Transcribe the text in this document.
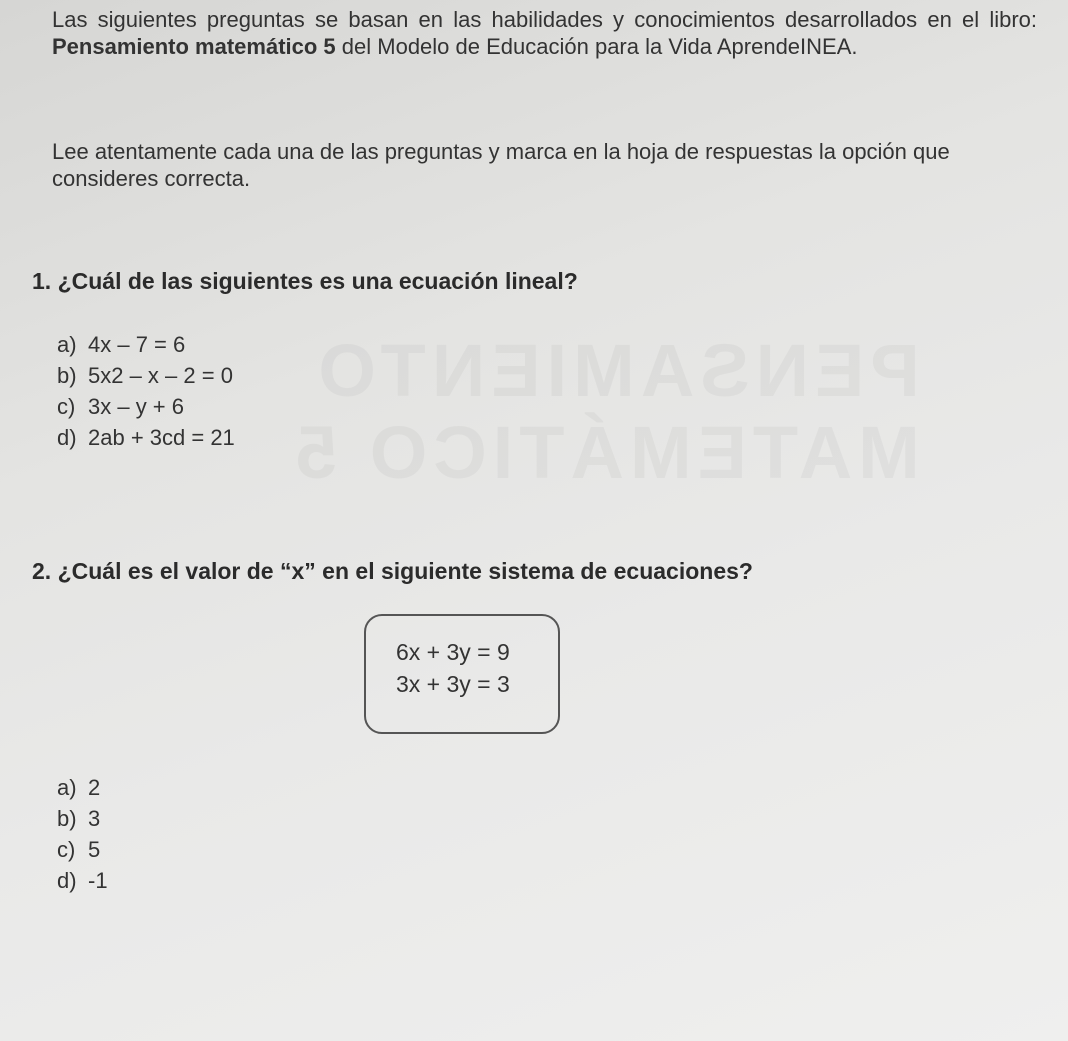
PENSAMIENTO
MATEMÁTICO 5

Las siguientes preguntas se basan en las habilidades y conocimientos desarrollados en el libro: Pensamiento matemático 5 del Modelo de Educación para la Vida AprendeINEA.

Lee atentamente cada una de las preguntas y marca en la hoja de respuestas la opción que consideres correcta.

1. ¿Cuál de las siguientes es una ecuación lineal?
a) 4x – 7 = 6
b) 5x2 – x – 2 = 0
c) 3x – y + 6
d) 2ab + 3cd = 21
2. ¿Cuál es el valor de “x” en el siguiente sistema de ecuaciones?
6x + 3y = 9
3x + 3y = 3
a) 2
b) 3
c) 5
d) -1
